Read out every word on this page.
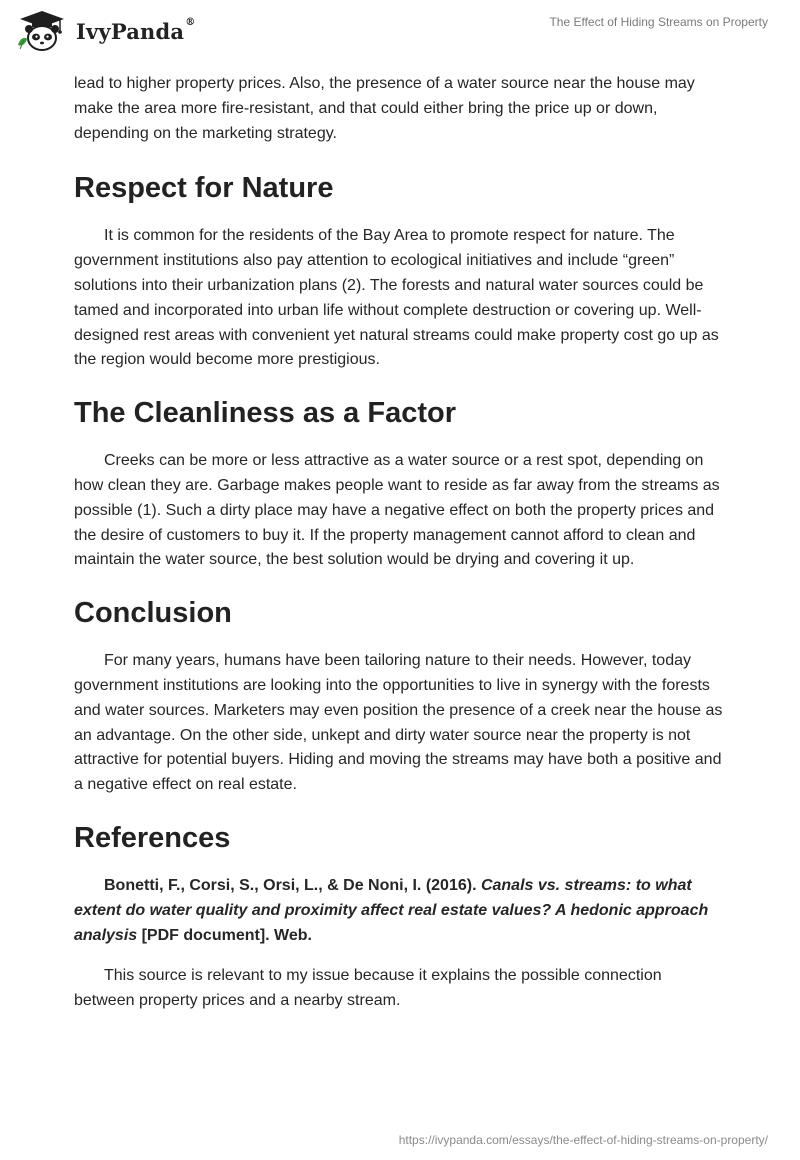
IvyPanda®	The Effect of Hiding Streams on Property

lead to higher property prices. Also, the presence of a water source near the house may make the area more fire-resistant, and that could either bring the price up or down, depending on the marketing strategy.

Respect for Nature

It is common for the residents of the Bay Area to promote respect for nature. The government institutions also pay attention to ecological initiatives and include “green” solutions into their urbanization plans (2). The forests and natural water sources could be tamed and incorporated into urban life without complete destruction or covering up. Well-designed rest areas with convenient yet natural streams could make property cost go up as the region would become more prestigious.

The Cleanliness as a Factor

Creeks can be more or less attractive as a water source or a rest spot, depending on how clean they are. Garbage makes people want to reside as far away from the streams as possible (1). Such a dirty place may have a negative effect on both the property prices and the desire of customers to buy it. If the property management cannot afford to clean and maintain the water source, the best solution would be drying and covering it up.

Conclusion

For many years, humans have been tailoring nature to their needs. However, today government institutions are looking into the opportunities to live in synergy with the forests and water sources. Marketers may even position the presence of a creek near the house as an advantage. On the other side, unkept and dirty water source near the property is not attractive for potential buyers. Hiding and moving the streams may have both a positive and a negative effect on real estate.

References

Bonetti, F., Corsi, S., Orsi, L., & De Noni, I. (2016). Canals vs. streams: to what extent do water quality and proximity affect real estate values? A hedonic approach analysis [PDF document]. Web.

This source is relevant to my issue because it explains the possible connection between property prices and a nearby stream.

https://ivypanda.com/essays/the-effect-of-hiding-streams-on-property/
